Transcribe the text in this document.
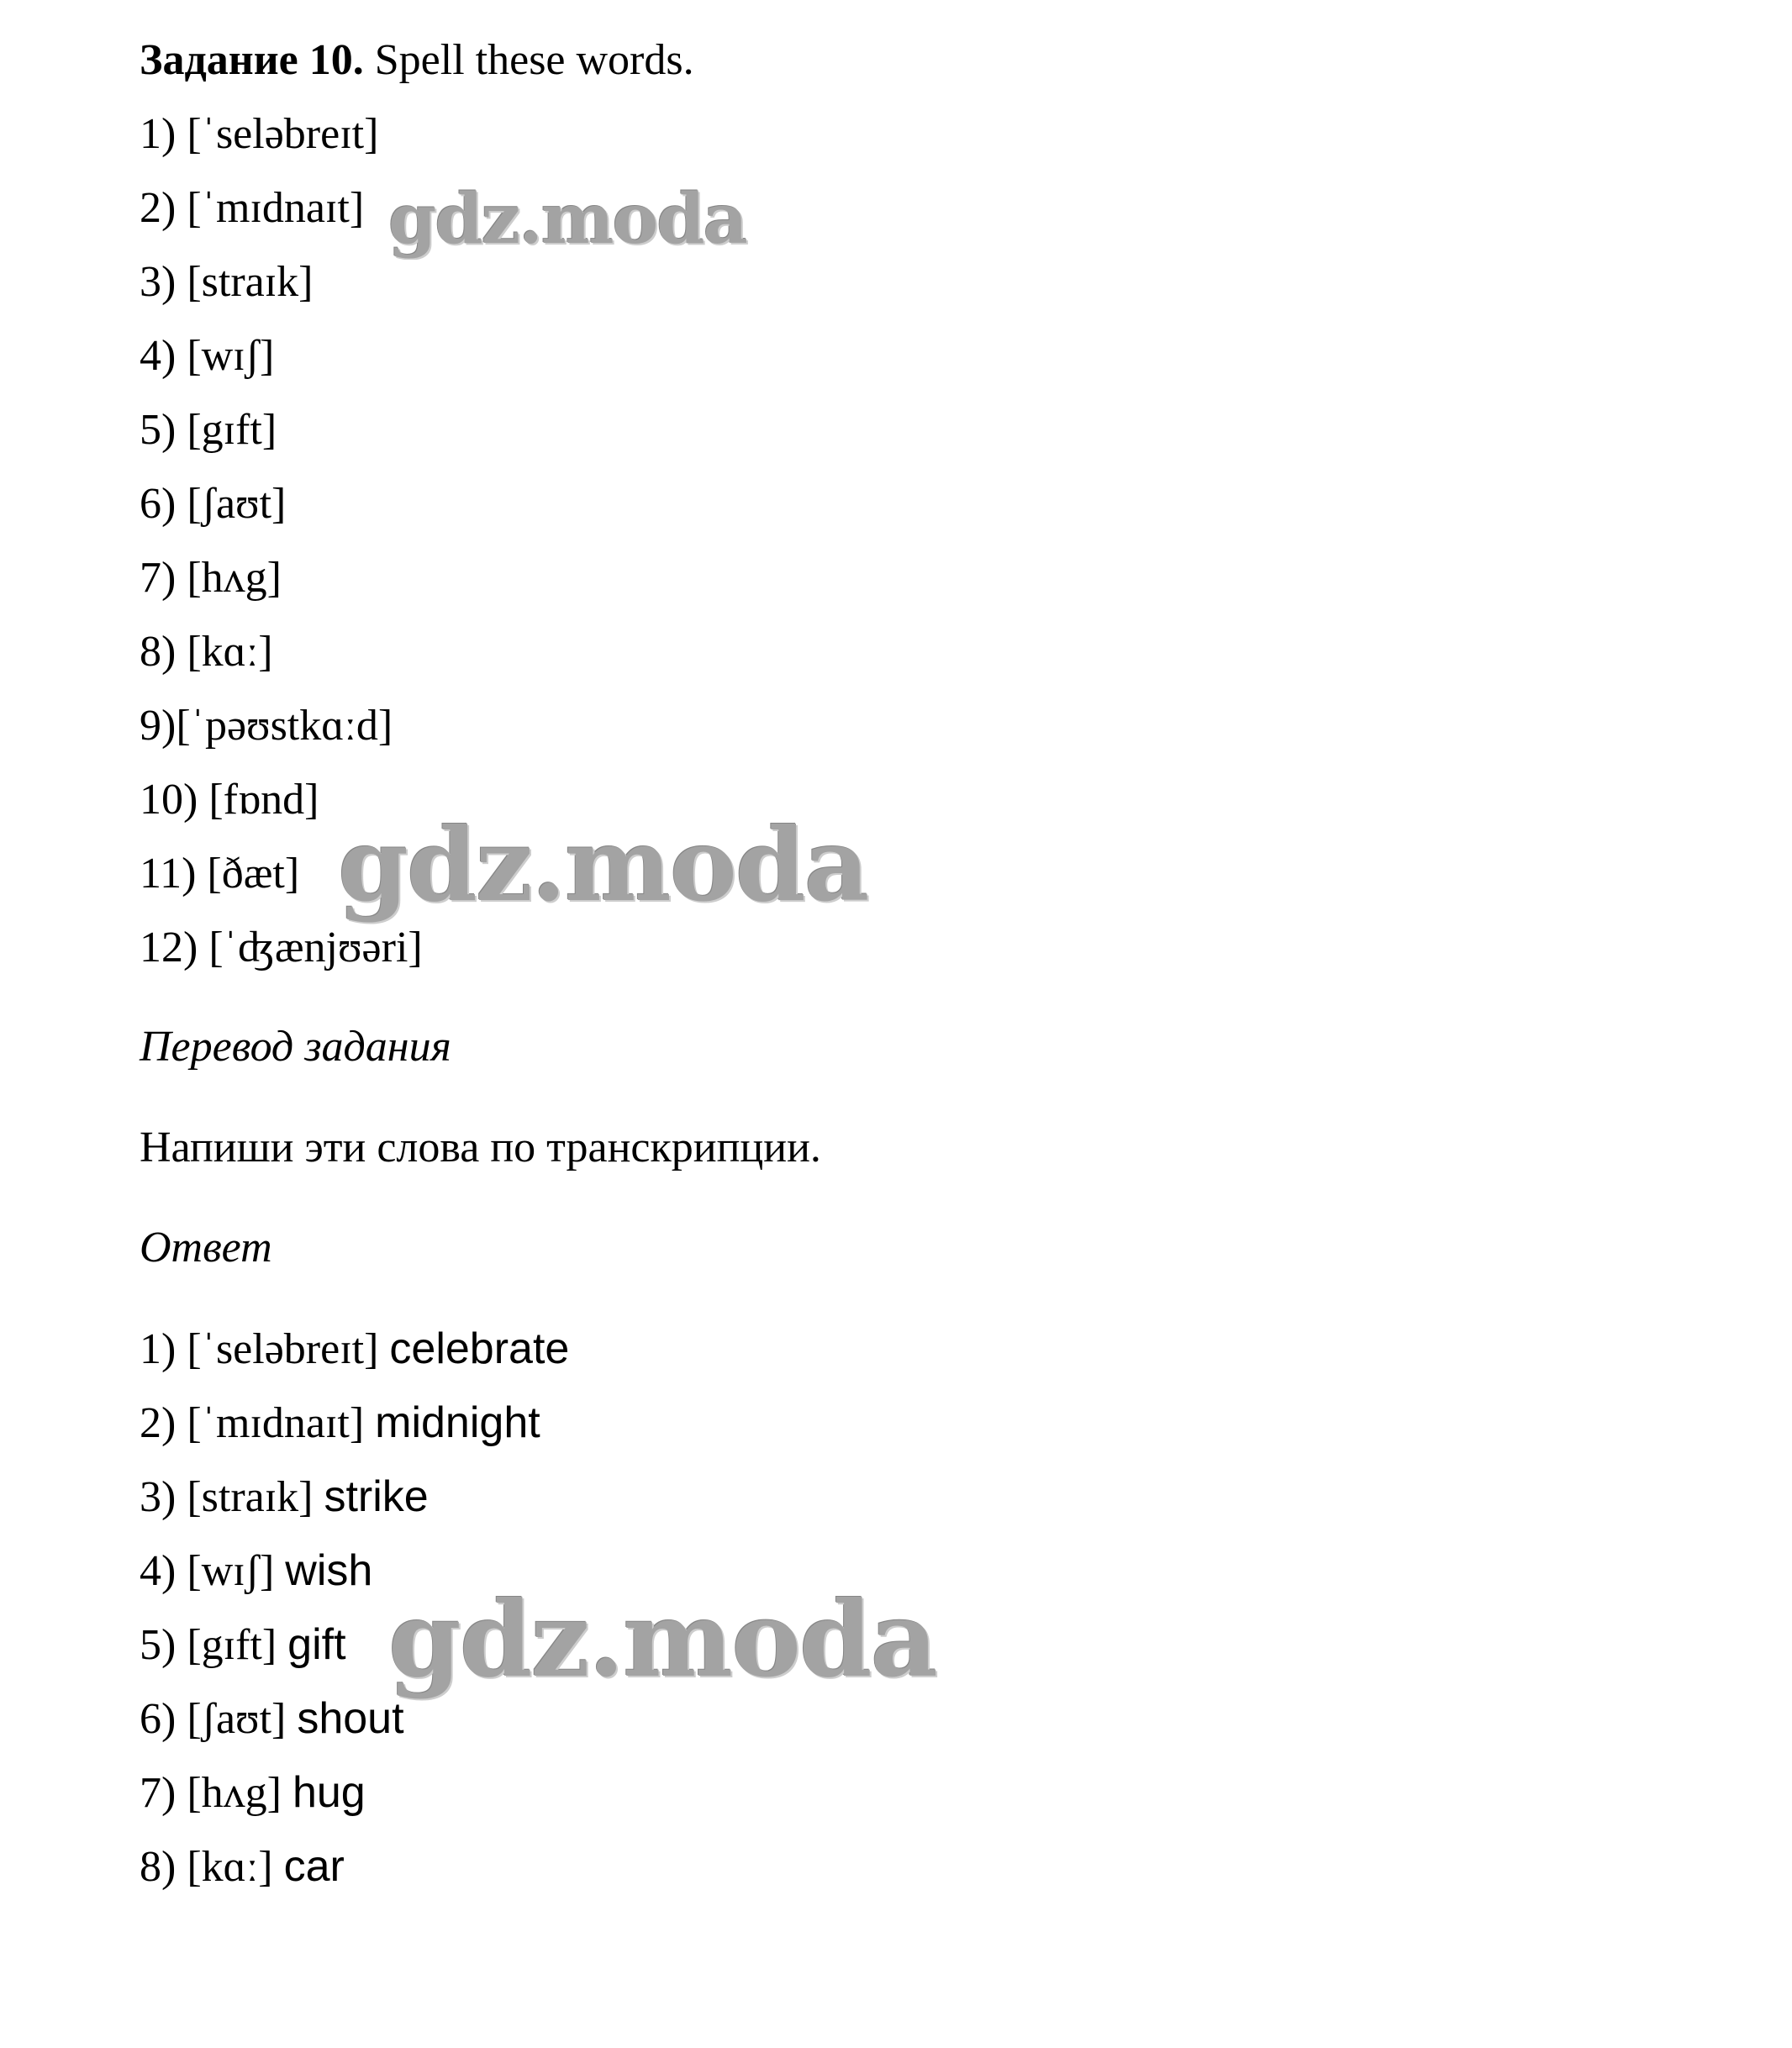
Задание 10. Spell these words.
1) [ˈseləbreɪt]
2) [ˈmɪdnaɪt]
3) [straɪk]
4) [wɪʃ]
5) [gɪft]
6) [ʃaʊt]
7) [hʌg]
8) [kɑː]
9)[ˈpəʊstkɑːd]
10) [fɒnd]
11) [ðæt]
12) [ˈʤænjʊəri]
Перевод задания
Напиши эти слова по транскрипции.
Ответ
1) [ˈseləbreɪt] celebrate
2) [ˈmɪdnaɪt] midnight
3) [straɪk] strike
4) [wɪʃ] wish
5) [gɪft] gift
6) [ʃaʊt] shout
7) [hʌg] hug
8) [kɑː] car
gdz.moda
gdz.moda
gdz.moda
